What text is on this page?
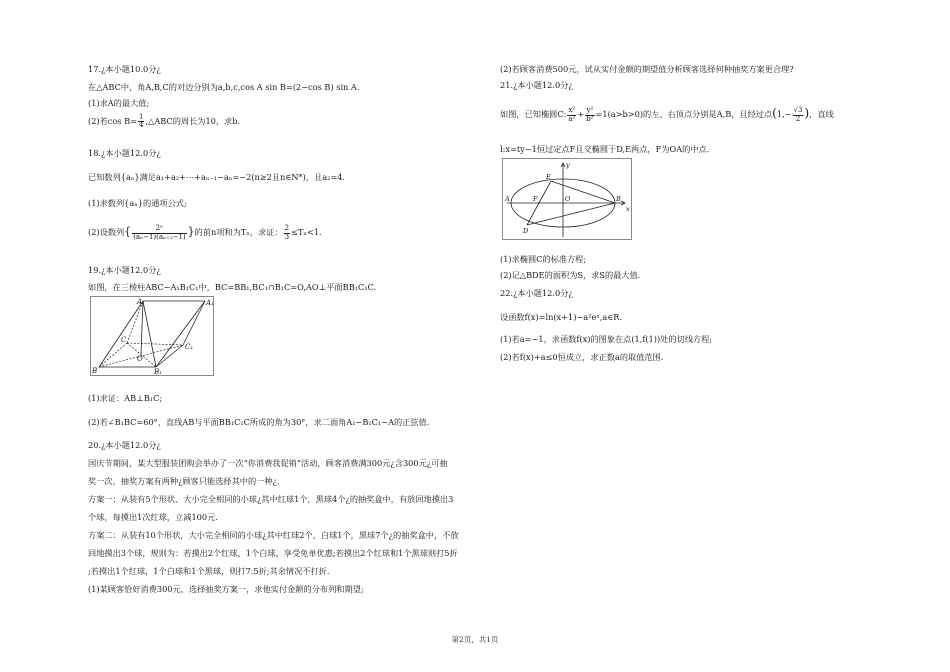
17.¿本小题10.0分¿
在△ABC中，角A,B,C的对边分别为a,b,c,cos A sin B=(2−cos B) sin A.
(1)求A的最大值;
(2)若$\cos B= \frac{1}{4}$ ,△ABC的周长为10，求b.
18.¿本小题12.0分¿
已知数列{aₙ}满足a₁+a₂+⋯+aₙ₋₁−aₙ=−2(n≥2且n∈N*)，且a₂=4.
(1)求数列{aₙ}的通项公式;
(2)设数列{ $\frac{\text{2ⁿ}}{\text{(aₙ−1)(aₙ₊₁−1)}}$ }的前n项和为Tₙ，求证： $\frac{2}{3} \le T_n<1$.
19.¿本小题12.0分¿
如图，在三棱柱ABC−A₁B₁C₁中，BC=BB₁,BC₁∩B₁C=O,AO⊥平面BB₁C₁C.
A	A₁
B	B₁
C
C₁
O
(1)求证：AB⊥B₁C;
(2)若∠B₁BC=60°，直线AB与平面BB₁C₁C所成的角为30°，求二面角A₁−B₁C₁−A的正弦值.
20.¿本小题12.0分¿
国庆节期间，某大型服装团购会举办了一次“你消费我促销”活动，顾客消费满300元¿含300元¿可抽
奖一次，抽奖方案有两种¿顾客只能选择其中的一种¿.
方案一：从装有5个形状、大小完全相同的小球¿其中红球1个，黑球4个¿的抽奖盒中，有放回地摸出3
个球，每摸出1次红球，立减100元.
方案二：从装有10个形状，大小完全相同的小球¿其中红球2个，白球1个，黑球7个¿的抽奖盒中，不放
回地摸出3个球，规则为：若摸出2个红球，1个白球，享受免单优惠;若摸出2个红球和1个黑球则打5折
;若摸出1个红球，1个白球和1个黑球，则打7.5折;其余情况不打折.
(1)某顾客恰好消费300元，选择抽奖方案一，求他实付金额的分布列和期望;
(2)若顾客消费500元，试从实付金额的期望值分析顾客选择何种抽奖方案更合理?
21.¿本小题12.0分¿
如图，已知椭圆C: $\frac{\text{x²}}{\text{a²}} + \frac{\text{y²}}{\text{b²}} =1(a>b>0)$的左、右顶点分别是A,B，且经过点($1,- \frac{√3}{2}$ )，直线
l:x=ty−1恒过定点F且交椭圆于D,E两点，F为OA的中点.
A	B
D
E
F	O
x
y
(1)求椭圆C的标准方程;
(2)记△BDE的面积为S，求S的最大值.
22.¿本小题12.0分¿
设函数f(x)=ln(x+1)−a²eˣ,a∈R.
(1)若a=−1，求函数f(x)的图象在点(1,f(1))处的切线方程;
(2)若f(x)+a≤0恒成立，求正数a的取值范围.
第2页，共1页
